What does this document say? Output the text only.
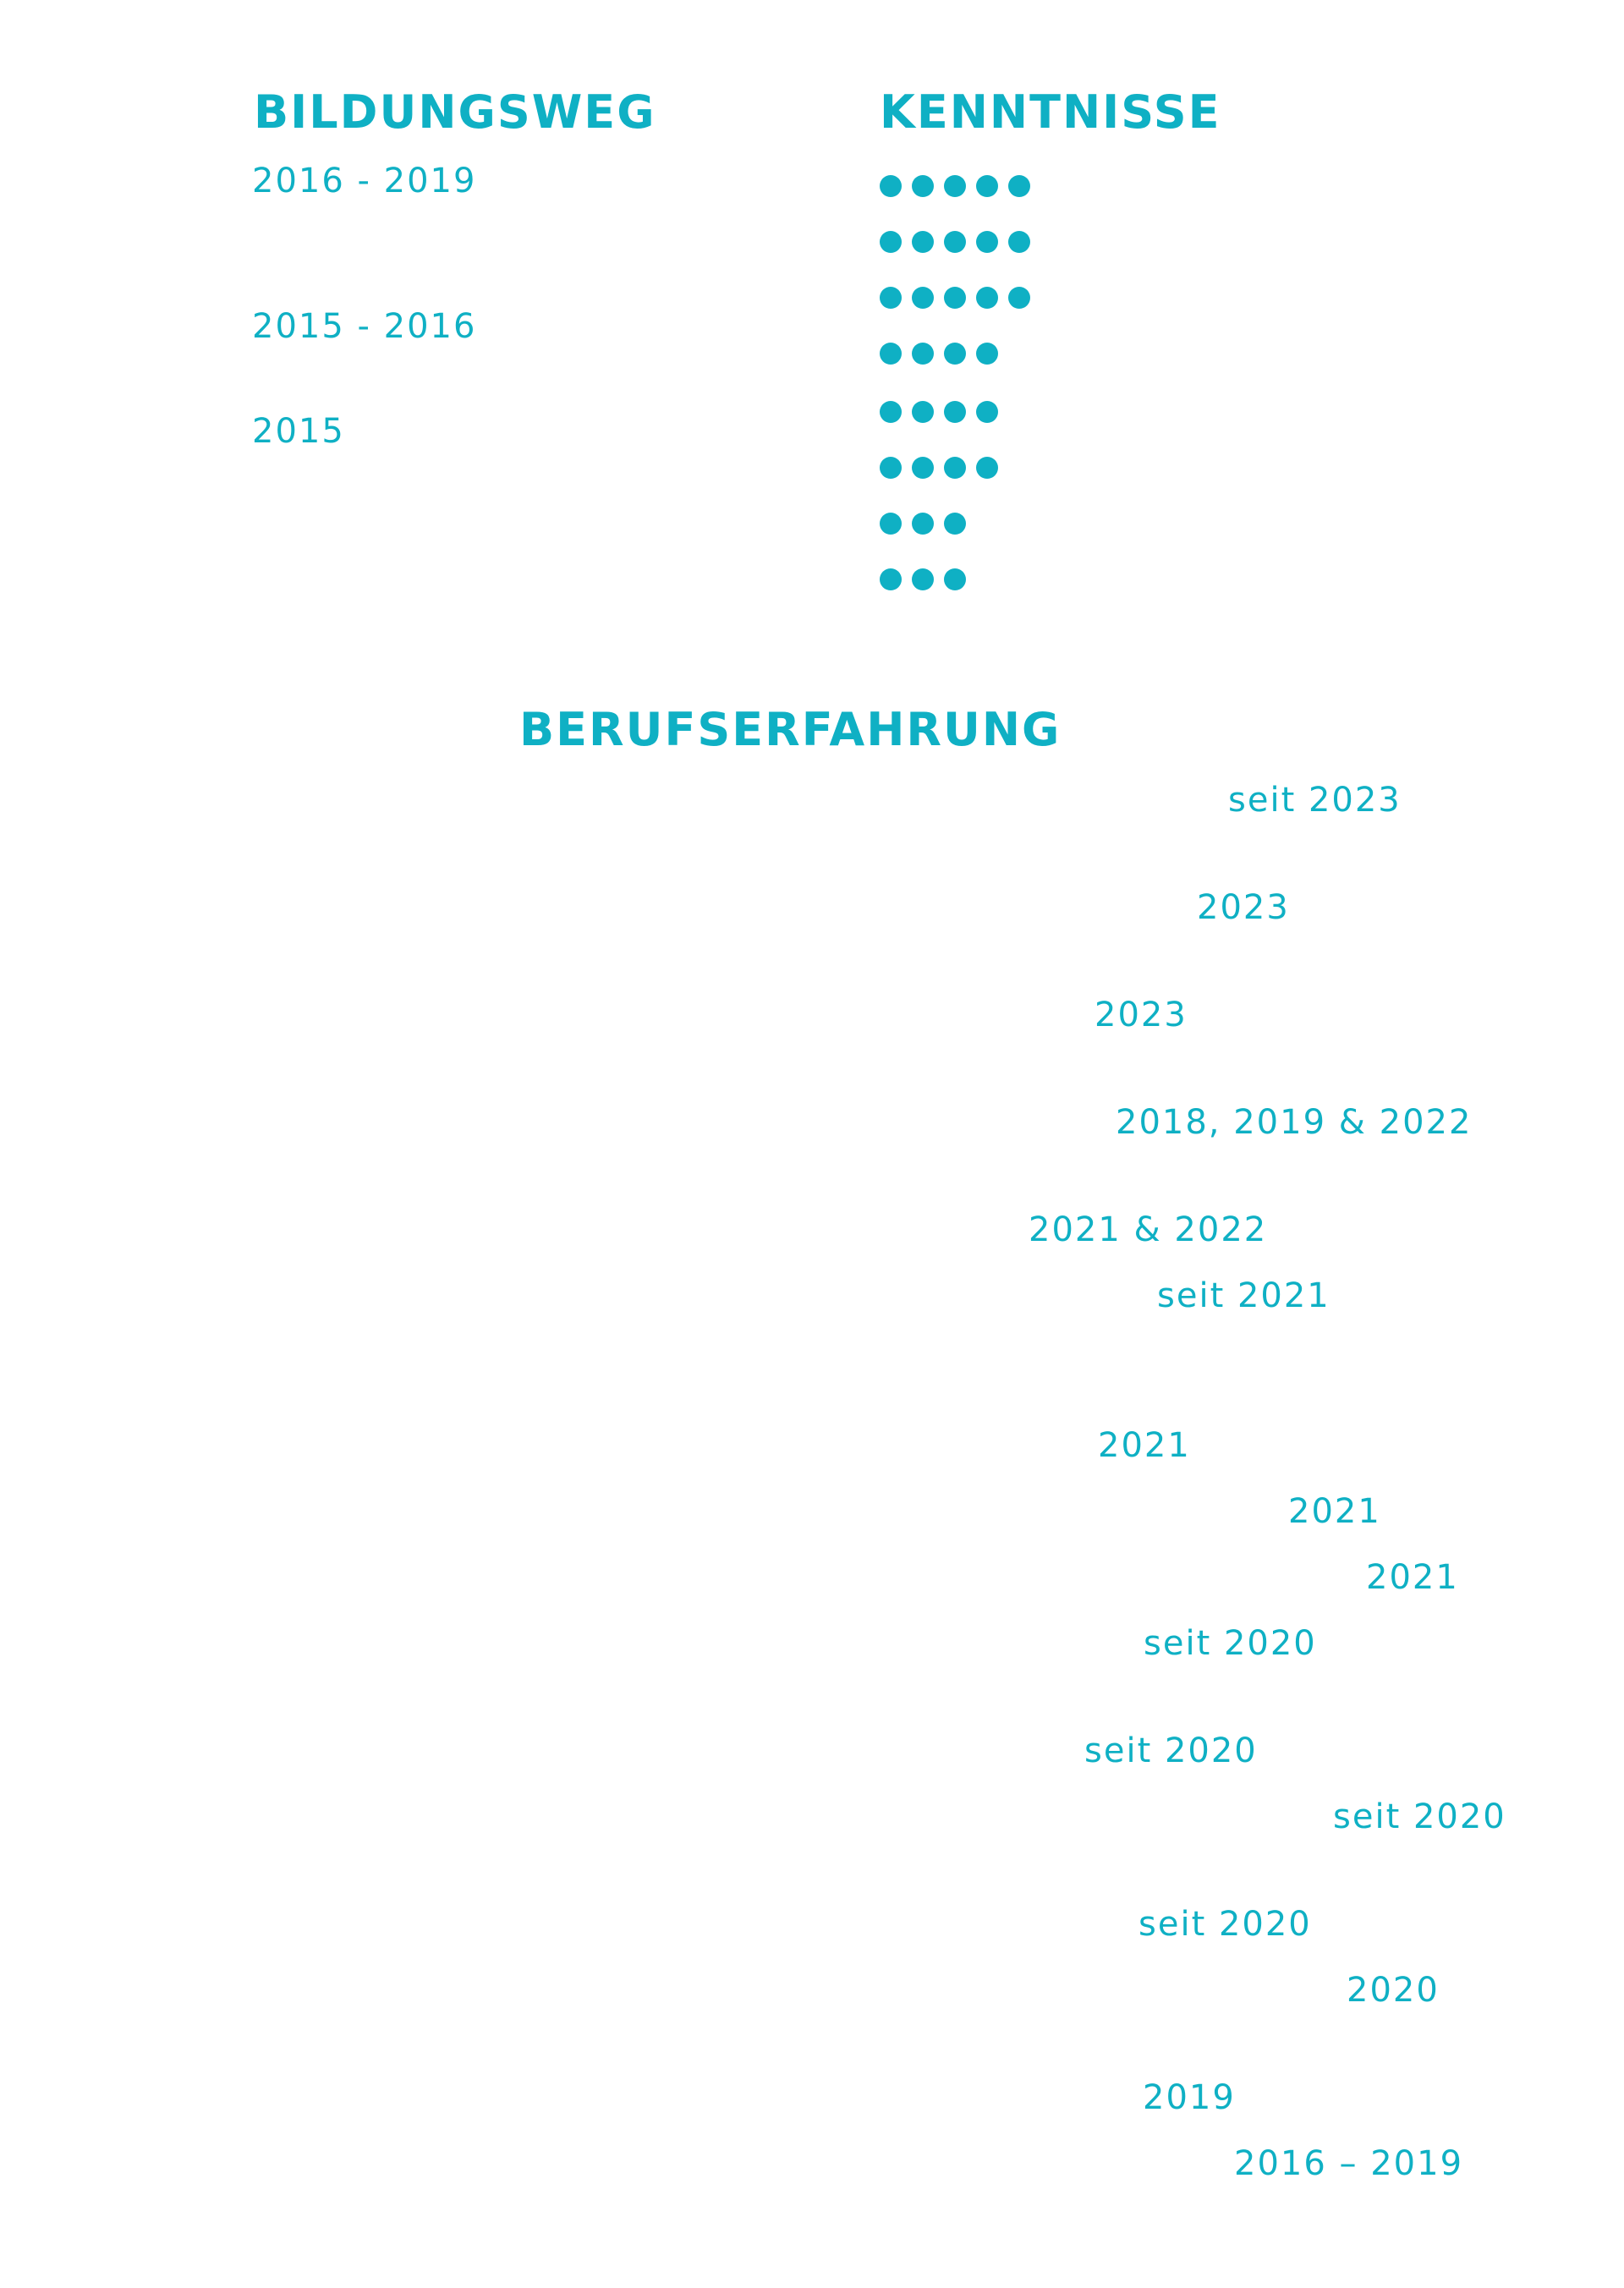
BILDUNGSWEG
2016 - 2019
2015 - 2016
2015
KENNTNISSE
BERUFSERFAHRUNG
seit 2023
2023
2023
2018, 2019 & 2022
2021 & 2022
seit 2021
2021
2021
2021
seit 2020
seit 2020
seit 2020
seit 2020
2020
2019
2016 – 2019
